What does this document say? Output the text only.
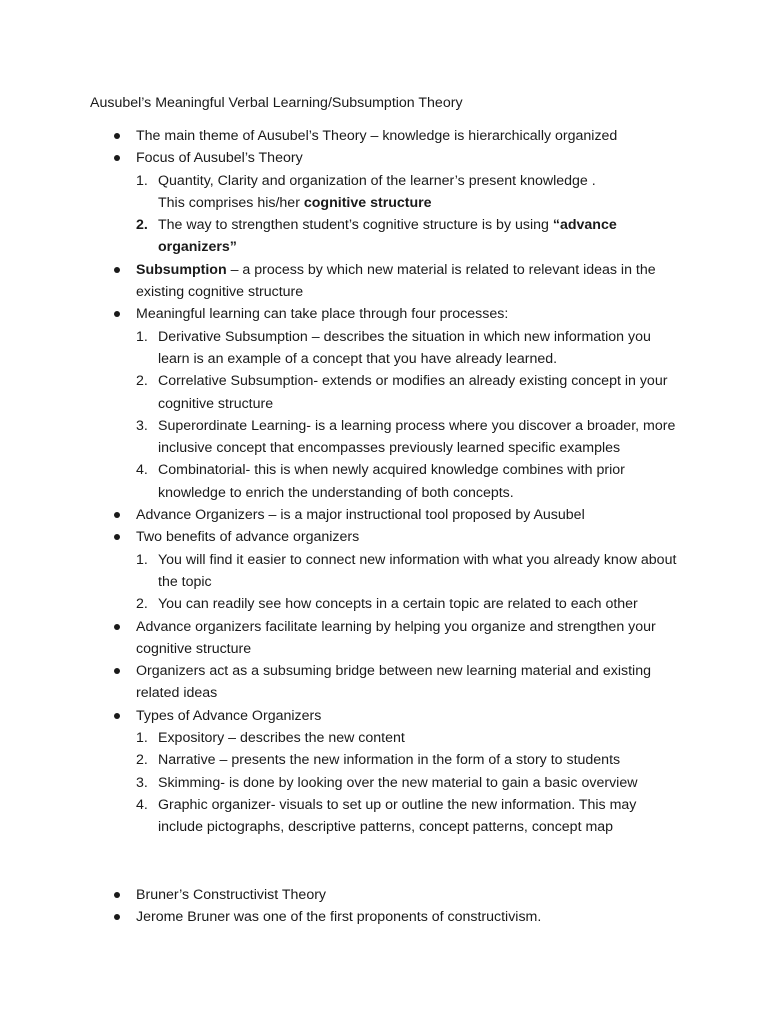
Ausubel’s Meaningful Verbal Learning/Subsumption Theory
The main theme of Ausubel’s Theory – knowledge is hierarchically organized
Focus of Ausubel’s Theory
1. Quantity, Clarity and organization of the learner’s present knowledge .
This comprises his/her cognitive structure
2. The way to strengthen student’s cognitive structure is by using “advance organizers”
Subsumption – a process by which new material is related to relevant ideas in the existing cognitive structure
Meaningful learning can take place through four processes:
1. Derivative Subsumption – describes the situation in which new information you learn is an example of a concept that you have already learned.
2. Correlative Subsumption- extends or modifies an already existing concept in your cognitive structure
3. Superordinate Learning- is a learning process where you discover a broader, more inclusive concept that encompasses previously learned specific examples
4. Combinatorial- this is when newly acquired knowledge combines with prior knowledge to enrich the understanding of both concepts.
Advance Organizers – is a major instructional tool proposed by Ausubel
Two benefits of advance organizers
1. You will find it easier to connect new information with what you already know about the topic
2. You can readily see how concepts in a certain topic are related to each other
Advance organizers facilitate learning by helping you organize and strengthen your cognitive structure
Organizers act as a subsuming bridge between new learning material and existing related ideas
Types of Advance Organizers
1. Expository – describes the new content
2. Narrative – presents the new information in the form of a story to students
3. Skimming- is done by looking over the new material to gain a basic overview
4. Graphic organizer- visuals to set up or outline the new information. This may include pictographs, descriptive patterns, concept patterns, concept map
Bruner’s Constructivist Theory
Jerome Bruner was one of the first proponents of constructivism.
